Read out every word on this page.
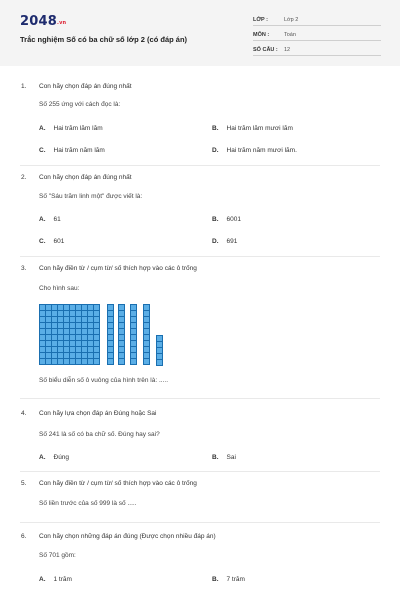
2048.vn
Trắc nghiệm Số có ba chữ số lớp 2 (có đáp án)
LỚP :	Lớp 2
MÔN :	Toán
SỐ CÂU : 12
1. Con hãy chọn đáp án đúng nhất
Số 255 ứng với cách đọc là:
A. Hai trăm lăm lăm	B. Hai trăm lăm mươi lăm
C. Hai trăm năm lăm	D. Hai trăm năm mươi lăm.
2. Con hãy chọn đáp án đúng nhất
Số "Sáu trăm linh một" được viết là:
A. 61	B. 6001
C. 601	D. 691
3. Con hãy điền từ / cụm từ/ số thích hợp vào các ô trống
Cho hình sau:
Số biểu diễn số ô vuông của hình trên là: .....
4. Con hãy lựa chọn đáp án Đúng hoặc Sai
Số 241 là số có ba chữ số. Đúng hay sai?
A. Đúng	B. Sai
5. Con hãy điền từ / cụm từ/ số thích hợp vào các ô trống
Số liền trước của số 999 là số .....
6. Con hãy chọn những đáp án đúng (Được chọn nhiều đáp án)
Số 701 gồm:
A. 1 trăm	B. 7 trăm
